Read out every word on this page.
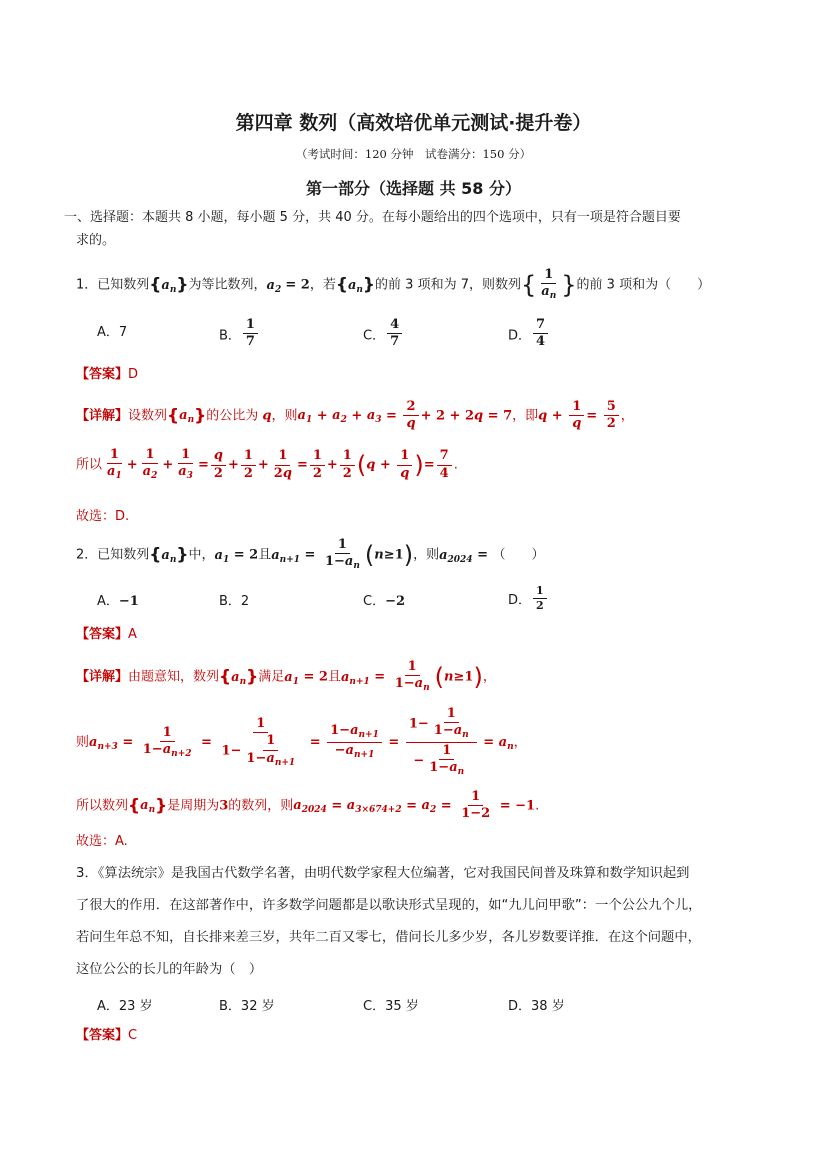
第四章 数列（高效培优单元测试·提升卷）
（考试时间：120 分钟　试卷满分：150 分）
第一部分（选择题 共 58 分）
一、选择题：本题共 8 小题，每小题 5 分，共 40 分。在每小题给出的四个选项中，只有一项是符合题目要
求的。
1．已知数列$\{a_n\}$为等比数列，$a_2 = 2$，若$\{a_n\}$的前 3 项和为 7，则数列{ $\frac{1}{a_n}$ }的前 3 项和为（　　）
A．7	B． $\frac{1}{7}$	C． $\frac{4}{7}$	D． $\frac{7}{4}$
【答案】D
【详解】设数列$\{a_n\}$的公比为 q，则$a_1 + a_2 + a_3 = \frac{2}{q} + 2 + 2q = 7$，即$q + \frac{1}{q} = \frac{5}{2}$ ，
所以 $\frac{1}{a_1} + \frac{1}{a_2} + \frac{1}{a_3} = \frac{q}{2} + \frac{1}{2} + \frac{1}{2q} = \frac{1}{2} + \frac{1}{2} (q + \frac{1}{q}$ )= $\frac{7}{4}$ .
故选：D.
2．已知数列$\{a_n\}$中，$a_1 = 2$且$a_{n+1} = \frac{1}{1-a_n} (n\ge 1)$，则$a_{2024}$ = （　　）
A．−1	B．2	C．−2	D． $\frac{1}{2}$
【答案】A
【详解】由题意知，数列$\{a_n\}$满足$a_1 = 2$且$a_{n+1} = \frac{1}{1-a_n} (n\ge 1)$，
则$a_{n+3} = \frac{1}{1-a_{n+2}} = \frac{1}{1- \frac{1}{1-a_{n+1}}} = \frac{1-a_{n+1}}{-a_{n+1}} = \frac{1- \frac{1}{1-a_n}}{- \frac{1}{1-a_n}} = a_n$，
所以数列$\{a_n\}$是周期为3的数列，则$a_{2024} = a_{3\times 674+2} = a_2 = \frac{1}{1-2} = -1$.
故选：A.
3．《算法统宗》是我国古代数学名著，由明代数学家程大位编著，它对我国民间普及珠算和数学知识起到
了很大的作用．在这部著作中，许多数学问题都是以歌诀形式呈现的，如“九儿问甲歌”：一个公公九个儿，
若问生年总不知，自长排来差三岁，共年二百又零七，借问长儿多少岁，各儿岁数要详推．在这个问题中，
这位公公的长儿的年龄为（　）
A．23 岁	B．32 岁	C．35 岁	D．38 岁
【答案】C
